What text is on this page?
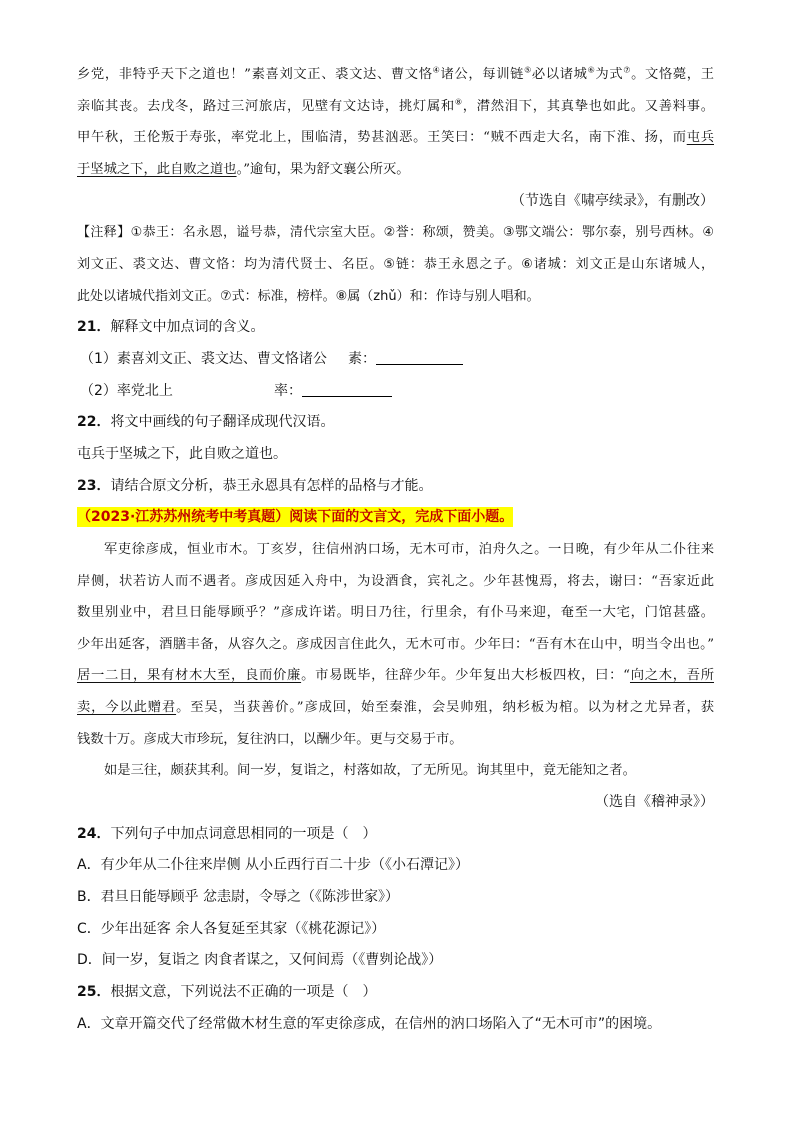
乡党，非特乎天下之道也！”素喜刘文正、裘文达、曹文恪④诸公，每训链⑤必以诸城⑥为式⑦。文恪薨，王
亲临其丧。去戊冬，路过三河旅店，见壁有文达诗，挑灯属和⑧，潸然泪下，其真挚也如此。又善料事。
甲午秋，王伦叛于寿张，率党北上，围临清，势甚汹恶。王笑曰：“贼不西走大名，南下淮、扬，而屯兵
于坚城之下，此自败之道也。”逾旬，果为舒文襄公所灭。
（节选自《啸亭续录》，有删改）
【注释】①恭王：名永恩，谥号恭，清代宗室大臣。②誉：称颂，赞美。③鄂文端公：鄂尔泰，别号西林。④
刘文正、裘文达、曹文恪：均为清代贤士、名臣。⑤链：恭王永恩之子。⑥诸城：刘文正是山东诸城人，
此处以诸城代指刘文正。⑦式：标准，榜样。⑧属（zhǔ）和：作诗与别人唱和。
21．解释文中加点词的含义。
（1）素喜刘文正、裘文达、曹文恪诸公 素：
（2）率党北上	率：
22．将文中画线的句子翻译成现代汉语。
屯兵于坚城之下，此自败之道也。
23．请结合原文分析，恭王永恩具有怎样的品格与才能。
（2023·江苏苏州统考中考真题）阅读下面的文言文，完成下面小题。
军吏徐彦成，恒业市木。丁亥岁，往信州汭口场，无木可市，泊舟久之。一日晚，有少年从二仆往来
岸侧，状若访人而不遇者。彦成因延入舟中，为设酒食，宾礼之。少年甚愧焉，将去，谢曰：“吾家近此
数里别业中，君旦日能辱顾乎？”彦成许诺。明日乃往，行里余，有仆马来迎，奄至一大宅，门馆甚盛。
少年出延客，酒膳丰备，从容久之。彦成因言住此久，无木可市。少年曰：“吾有木在山中，明当令出也。”
居一二日，果有材木大至，良而价廉。市易既毕，往辞少年。少年复出大杉板四枚，曰：“向之木，吾所
卖，今以此赠君。至吴，当获善价。”彦成回，始至秦淮，会吴帅殂，纳杉板为棺。以为材之尤异者，获
钱数十万。彦成大市珍玩，复往汭口，以酬少年。更与交易于市。
如是三往，颇获其利。间一岁，复诣之，村落如故，了无所见。询其里中，竟无能知之者。
（选自《稽神录》）
24．下列句子中加点词意思相同的一项是（　）
A．有少年从二仆往来岸侧 从小丘西行百二十步（《小石潭记》）
B．君旦日能辱顾乎 忿恚尉，令辱之（《陈涉世家》）
C．少年出延客 余人各复延至其家（《桃花源记》）
D．间一岁，复诣之 肉食者谋之，又何间焉（《曹刿论战》）
25．根据文意，下列说法不正确的一项是（　）
A．文章开篇交代了经常做木材生意的军吏徐彦成，在信州的汭口场陷入了“无木可市”的困境。
